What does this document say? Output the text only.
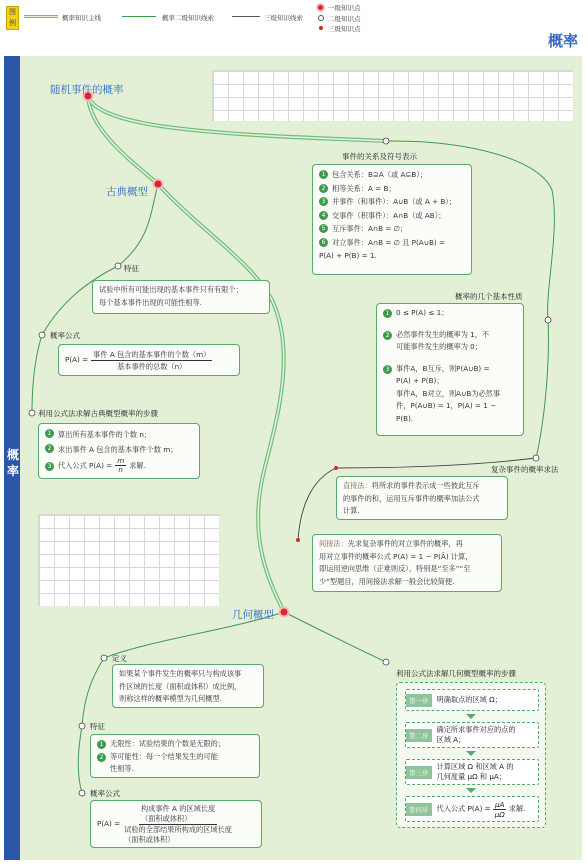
图例
概率知识主线	概率二级知识线索	三级知识线索
一级知识点
二级知识点
三级知识点
概率
概率
随机事件的概率
古典概型
几何概型
事件的关系及符号表示
概率的几个基本性质
复杂事件的概率求法
特征
概率公式
利用公式法求解古典概型概率的步骤
定义
特征
概率公式
利用公式法求解几何概型概率的步骤
1 包含关系：B⊇A（或 A⊆B）；
2 相等关系：A = B；
3 并事件（和事件）：A∪B（或 A + B）；
4 交事件（积事件）：A∩B（或 AB）；
5 互斥事件：A∩B = ∅；
6 对立事件：A∩B = ∅ 且 P(A∪B) =
P(A) + P(B) = 1.
1 0 ≤ P(A) ≤ 1；
2 必然事件发生的概率为 1，不
可能事件发生的概率为 0；
3 事件A，B互斥，则P(A∪B) =
P(A) + P(B)；
事件A，B对立，则A∪B为必然事
件，P(A∪B) = 1，P(A) = 1 −
P(B).
直接法：将所求的事件表示成一些彼此互斥
的事件的和，运用互斥事件的概率加法公式
计算.
间接法：先求复杂事件的对立事件的概率，再
用对立事件的概率公式 P(A) = 1 − P(Ā) 计算，
即运用逆向思维（正难则反），特别是“至多”“至
少”型题目，用间接法求解一般会比较简便.
试验中所有可能出现的基本事件只有有限个；
每个基本事件出现的可能性相等.
$P(A) = \frac{\text{事件 A 包含的基本事件的个数（m）}}{\text{基本事件的总数（n）}}$
1 算出所有基本事件的个数 n；
2 求出事件 A 包含的基本事件个数 m；
3 代入公式 $P(A) = \frac{m}{n}$ 求解.
如果某个事件发生的概率只与构成该事
件区域的长度（面积或体积）成比例，
则称这样的概率模型为几何概型.
1 无限性：试验结果的个数是无限的；
2 等可能性：每一个结果发生的可能
性相等.
P(A) =
构成事件 A 的区域长度
（面积或体积）
试验的全部结果所构成的区域长度
（面积或体积）
第一步	明确取点的区域 Ω；
第二步
确定所求事件对应的点的
区域 A；
第三步
计算区域 Ω 和区域 A 的
几何度量 μΩ 和 μA；
第四步	代入公式 $P(A) = \frac{\mu A}{\mu\Omega}$ 求解.
